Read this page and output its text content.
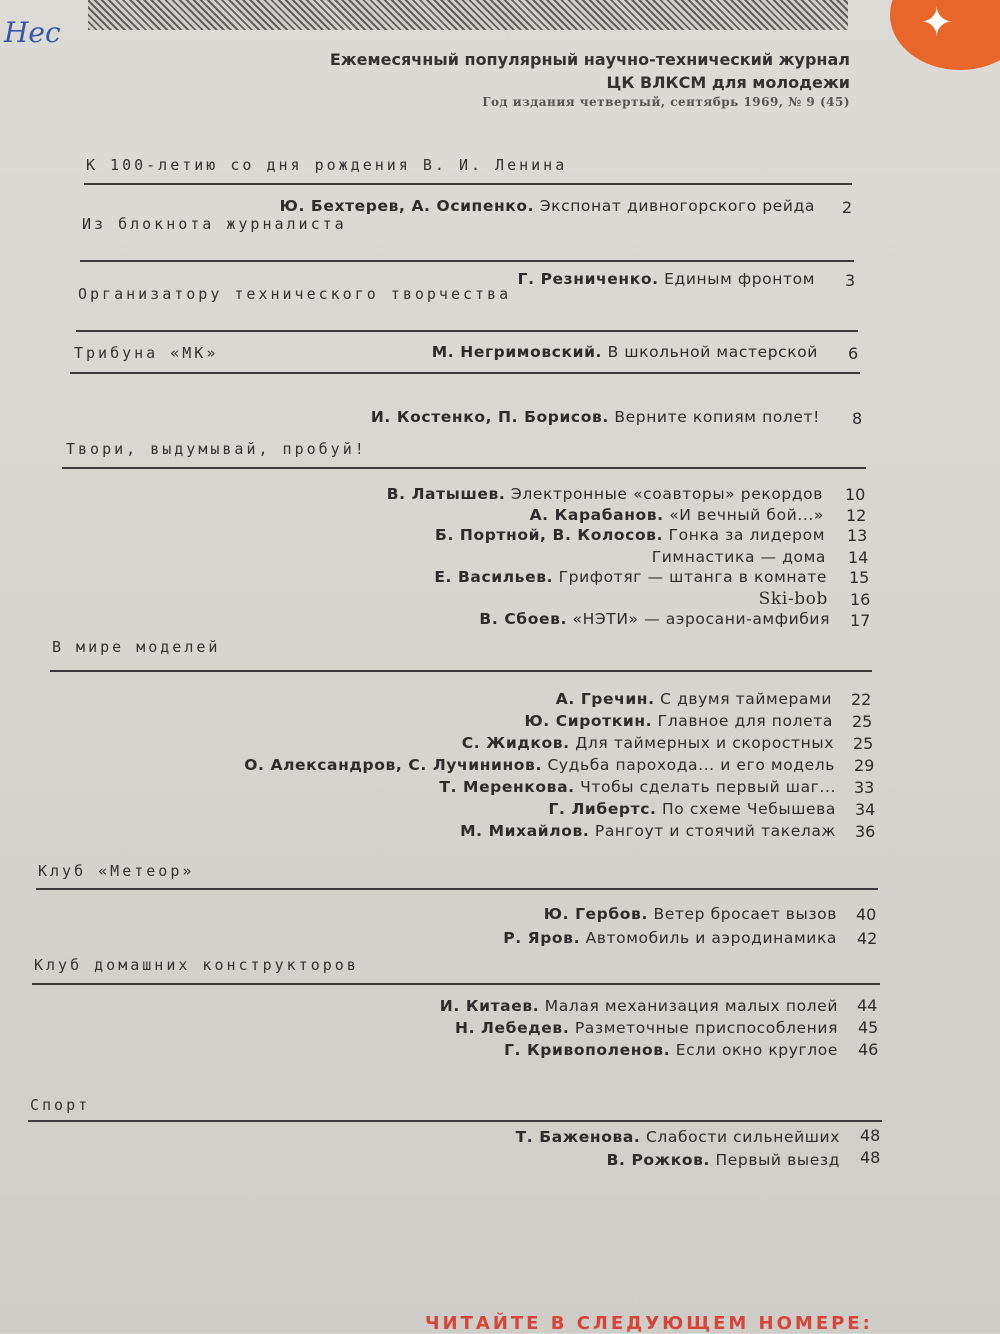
✦
Нес
Ежемесячный популярный научно-технический журнал
ЦК ВЛКСМ для молодежи
Год издания четвертый, сентябрь 1969, № 9 (45)
К 100-летию со дня рождения В. И. Ленина
Ю. Бехтерев, А. Осипенко. Экспонат дивногорского рейда 2
Из блокнота журналиста
Г. Резниченко. Единым фронтом 3
Организатору технического творчества
М. Негримовский. В школьной мастерской 6
Трибуна «МК»
И. Костенко, П. Борисов. Верните копиям полет! 8
Твори, выдумывай, пробуй!
В. Латышев. Электронные «соавторы» рекордов 10
А. Карабанов. «И вечный бой...» 12
Б. Портной, В. Колосов. Гонка за лидером 13
Гимнастика — дома 14
Е. Васильев. Грифотяг — штанга в комнате 15
Ski-bob 16
В. Сбоев. «НЭТИ» — аэросани-амфибия 17
В мире моделей
А. Гречин. С двумя таймерами 22
Ю. Сироткин. Главное для полета 25
С. Жидков. Для таймерных и скоростных 25
О. Александров, С. Лучининов. Судьба парохода... и его модель 29
Т. Меренкова. Чтобы сделать первый шаг... 33
Г. Либертс. По схеме Чебышева 34
М. Михайлов. Рангоут и стоячий такелаж 36
Клуб «Метеор»
Ю. Гербов. Ветер бросает вызов 40
Р. Яров. Автомобиль и аэродинамика 42
Клуб домашних конструкторов
И. Китаев. Малая механизация малых полей 44
Н. Лебедев. Разметочные приспособления 45
Г. Кривополенов. Если окно круглое 46
Спорт
Т. Баженова. Слабости сильнейших 48
В. Рожков. Первый выезд 48
ЧИТАЙТЕ В СЛЕДУЮЩЕМ НОМЕРЕ:
